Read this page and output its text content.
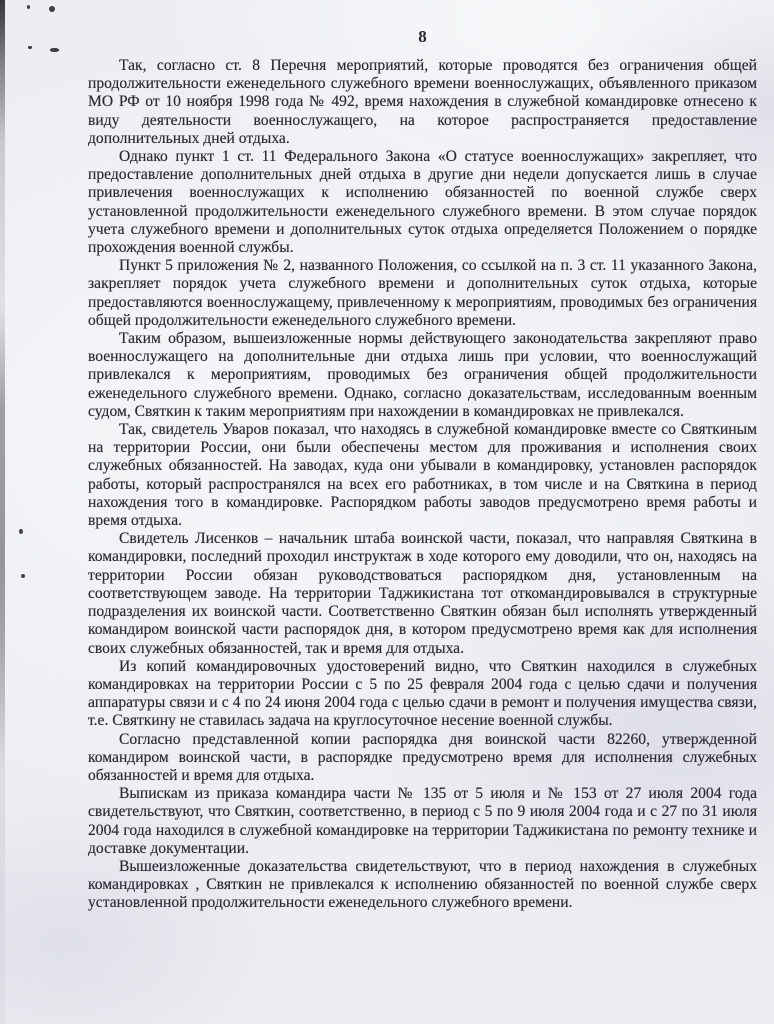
8

Так, согласно ст. 8 Перечня мероприятий, которые проводятся без ограничения общей продолжительности еженедельного служебного времени военнослужащих, объявленного приказом МО РФ от 10 ноября 1998 года № 492, время нахождения в служебной командировке отнесено к виду деятельности военнослужащего, на которое распространяется предоставление дополнительных дней отдыха.

Однако пункт 1 ст. 11 Федерального Закона «О статусе военнослужащих» закрепляет, что предоставление дополнительных дней отдыха в другие дни недели допускается лишь в случае привлечения военнослужащих к исполнению обязанностей по военной службе сверх установленной продолжительности еженедельного служебного времени. В этом случае порядок учета служебного времени и дополнительных суток отдыха определяется Положением о порядке прохождения военной службы.

Пункт 5 приложения № 2, названного Положения, со ссылкой на п. 3 ст. 11 указанного Закона, закрепляет порядок учета служебного времени и дополнительных суток отдыха, которые предоставляются военнослужащему, привлеченному к мероприятиям, проводимых без ограничения общей продолжительности еженедельного служебного времени.

Таким образом, вышеизложенные нормы действующего законодательства закрепляют право военнослужащего на дополнительные дни отдыха лишь при условии, что военнослужащий привлекался к мероприятиям, проводимых без ограничения общей продолжительности еженедельного служебного времени. Однако, согласно доказательствам, исследованным военным судом, Святкин к таким мероприятиям при нахождении в командировках не привлекался.

Так, свидетель Уваров показал, что находясь в служебной командировке вместе со Святкиным на территории России, они были обеспечены местом для проживания и исполнения своих служебных обязанностей. На заводах, куда они убывали в командировку, установлен распорядок работы, который распространялся на всех его работниках, в том числе и на Святкина в период нахождения того в командировке. Распорядком работы заводов предусмотрено время работы и время отдыха.

Свидетель Лисенков – начальник штаба воинской части, показал, что направляя Святкина в командировки, последний проходил инструктаж в ходе которого ему доводили, что он, находясь на территории России обязан руководствоваться распорядком дня, установленным на соответствующем заводе. На территории Таджикистана тот откомандировывался в структурные подразделения их воинской части. Соответственно Святкин обязан был исполнять утвержденный командиром воинской части распорядок дня, в котором предусмотрено время как для исполнения своих служебных обязанностей, так и время для отдыха.

Из копий командировочных удостоверений видно, что Святкин находился в служебных командировках на территории России с 5 по 25 февраля 2004 года с целью сдачи и получения аппаратуры связи и с 4 по 24 июня 2004 года с целью сдачи в ремонт и получения имущества связи, т.е. Святкину не ставилась задача на круглосуточное несение военной службы.

Согласно представленной копии распорядка дня воинской части 82260, утвержденной командиром воинской части, в распорядке предусмотрено время для исполнения служебных обязанностей и время для отдыха.

Выпискам из приказа командира части № 135 от 5 июля и № 153 от 27 июля 2004 года свидетельствуют, что Святкин, соответственно, в период с 5 по 9 июля 2004 года и с 27 по 31 июля 2004 года находился в служебной командировке на территории Таджикистана по ремонту технике и доставке документации.

Вышеизложенные доказательства свидетельствуют, что в период нахождения в служебных командировках , Святкин не привлекался к исполнению обязанностей по военной службе сверх установленной продолжительности еженедельного служебного времени.
